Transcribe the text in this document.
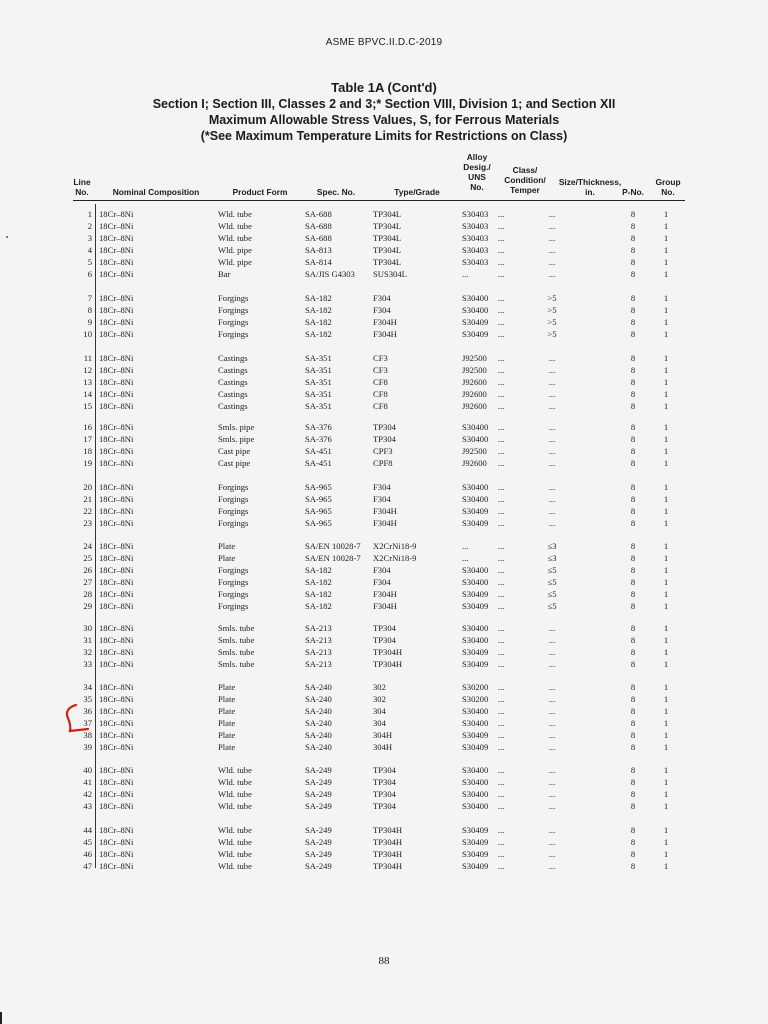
ASME BPVC.II.D.C-2019
Table 1A (Cont'd)
Section I; Section III, Classes 2 and 3;* Section VIII, Division 1; and Section XII
Maximum Allowable Stress Values, S, for Ferrous Materials
(*See Maximum Temperature Limits for Restrictions on Class)
Line
No.	Nominal Composition	Product Form	Spec. No.	Type/Grade
Alloy
Desig./
UNS
No.
Class/
Condition/
Temper
Size/Thickness,
in.	P-No.
Group
No.
1 18Cr–8Ni	Wld. tube	SA-688	TP304L	S30403 ...	...	8	1
2 18Cr–8Ni	Wld. tube	SA-688	TP304L	S30403 ...	...	8	1
3 18Cr–8Ni	Wld. tube	SA-688	TP304L	S30403 ...	...	8	1
4 18Cr–8Ni	Wld. pipe	SA-813	TP304L	S30403 ...	...	8	1
5 18Cr–8Ni	Wld. pipe	SA-814	TP304L	S30403 ...	...	8	1
6 18Cr–8Ni	Bar	SA/JIS G4303 SUS304L	...	...	...	8	1
7 18Cr–8Ni	Forgings	SA-182	F304	S30400 ...	>5	8	1
8 18Cr–8Ni	Forgings	SA-182	F304	S30400 ...	>5	8	1
9 18Cr–8Ni	Forgings	SA-182	F304H	S30409 ...	>5	8	1
10 18Cr–8Ni	Forgings	SA-182	F304H	S30409 ...	>5	8	1
11 18Cr–8Ni	Castings	SA-351	CF3	J92500 ...	...	8	1
12 18Cr–8Ni	Castings	SA-351	CF3	J92500 ...	...	8	1
13 18Cr–8Ni	Castings	SA-351	CF8	J92600 ...	...	8	1
14 18Cr–8Ni	Castings	SA-351	CF8	J92600 ...	...	8	1
15 18Cr–8Ni	Castings	SA-351	CF8	J92600 ...	...	8	1
16 18Cr–8Ni	Smls. pipe	SA-376	TP304	S30400 ...	...	8	1
17 18Cr–8Ni	Smls. pipe	SA-376	TP304	S30400 ...	...	8	1
18 18Cr–8Ni	Cast pipe	SA-451	CPF3	J92500 ...	...	8	1
19 18Cr–8Ni	Cast pipe	SA-451	CPF8	J92600 ...	...	8	1
20 18Cr–8Ni	Forgings	SA-965	F304	S30400 ...	...	8	1
21 18Cr–8Ni	Forgings	SA-965	F304	S30400 ...	...	8	1
22 18Cr–8Ni	Forgings	SA-965	F304H	S30409 ...	...	8	1
23 18Cr–8Ni	Forgings	SA-965	F304H	S30409 ...	...	8	1
24 18Cr–8Ni	Plate	SA/EN 10028-7 X2CrNi18-9	...	...	≤3	8	1
25 18Cr–8Ni	Plate	SA/EN 10028-7 X2CrNi18-9	...	...	≤3	8	1
26 18Cr–8Ni	Forgings	SA-182	F304	S30400 ...	≤5	8	1
27 18Cr–8Ni	Forgings	SA-182	F304	S30400 ...	≤5	8	1
28 18Cr–8Ni	Forgings	SA-182	F304H	S30409 ...	≤5	8	1
29 18Cr–8Ni	Forgings	SA-182	F304H	S30409 ...	≤5	8	1
30 18Cr–8Ni	Smls. tube	SA-213	TP304	S30400 ...	...	8	1
31 18Cr–8Ni	Smls. tube	SA-213	TP304	S30400 ...	...	8	1
32 18Cr–8Ni	Smls. tube	SA-213	TP304H	S30409 ...	...	8	1
33 18Cr–8Ni	Smls. tube	SA-213	TP304H	S30409 ...	...	8	1
34 18Cr–8Ni	Plate	SA-240	302	S30200 ...	...	8	1
35 18Cr–8Ni	Plate	SA-240	302	S30200 ...	...	8	1
36 18Cr–8Ni	Plate	SA-240	304	S30400 ...	...	8	1
37 18Cr–8Ni	Plate	SA-240	304	S30400 ...	...	8	1
38 18Cr–8Ni	Plate	SA-240	304H	S30409 ...	...	8	1
39 18Cr–8Ni	Plate	SA-240	304H	S30409 ...	...	8	1
40 18Cr–8Ni	Wld. tube	SA-249	TP304	S30400 ...	...	8	1
41 18Cr–8Ni	Wld. tube	SA-249	TP304	S30400 ...	...	8	1
42 18Cr–8Ni	Wld. tube	SA-249	TP304	S30400 ...	...	8	1
43 18Cr–8Ni	Wld. tube	SA-249	TP304	S30400 ...	...	8	1
44 18Cr–8Ni	Wld. tube	SA-249	TP304H	S30409 ...	...	8	1
45 18Cr–8Ni	Wld. tube	SA-249	TP304H	S30409 ...	...	8	1
46 18Cr–8Ni	Wld. tube	SA-249	TP304H	S30409 ...	...	8	1
47 18Cr–8Ni	Wld. tube	SA-249	TP304H	S30409 ...	...	8	1
88
